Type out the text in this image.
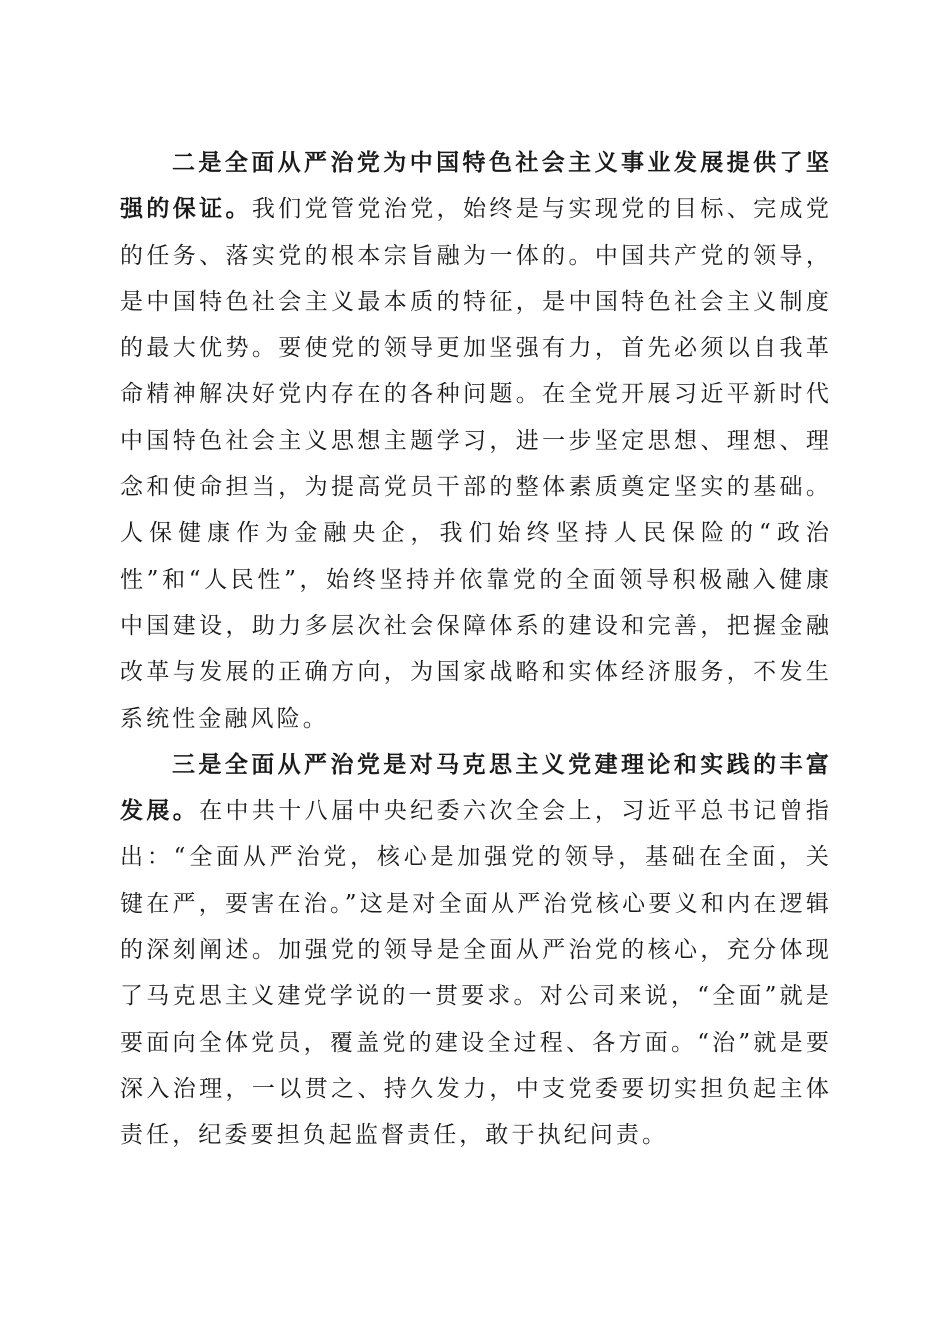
二是全面从严治党为中国特色社会主义事业发展提供了坚强的保证。我们党管党治党，始终是与实现党的目标、完成党的任务、落实党的根本宗旨融为一体的。中国共产党的领导，是中国特色社会主义最本质的特征，是中国特色社会主义制度的最大优势。要使党的领导更加坚强有力，首先必须以自我革命精神解决好党内存在的各种问题。在全党开展习近平新时代中国特色社会主义思想主题学习，进一步坚定思想、理想、理念和使命担当，为提高党员干部的整体素质奠定坚实的基础。人保健康作为金融央企，我们始终坚持人民保险的“政治性”和“人民性”，始终坚持并依靠党的全面领导积极融入健康中国建设，助力多层次社会保障体系的建设和完善，把握金融改革与发展的正确方向，为国家战略和实体经济服务，不发生系统性金融风险。

三是全面从严治党是对马克思主义党建理论和实践的丰富发展。在中共十八届中央纪委六次全会上，习近平总书记曾指出：“全面从严治党，核心是加强党的领导，基础在全面，关键在严，要害在治。”这是对全面从严治党核心要义和内在逻辑的深刻阐述。加强党的领导是全面从严治党的核心，充分体现了马克思主义建党学说的一贯要求。对公司来说，“全面”就是要面向全体党员，覆盖党的建设全过程、各方面。“治”就是要深入治理，一以贯之、持久发力，中支党委要切实担负起主体责任，纪委要担负起监督责任，敢于执纪问责。
